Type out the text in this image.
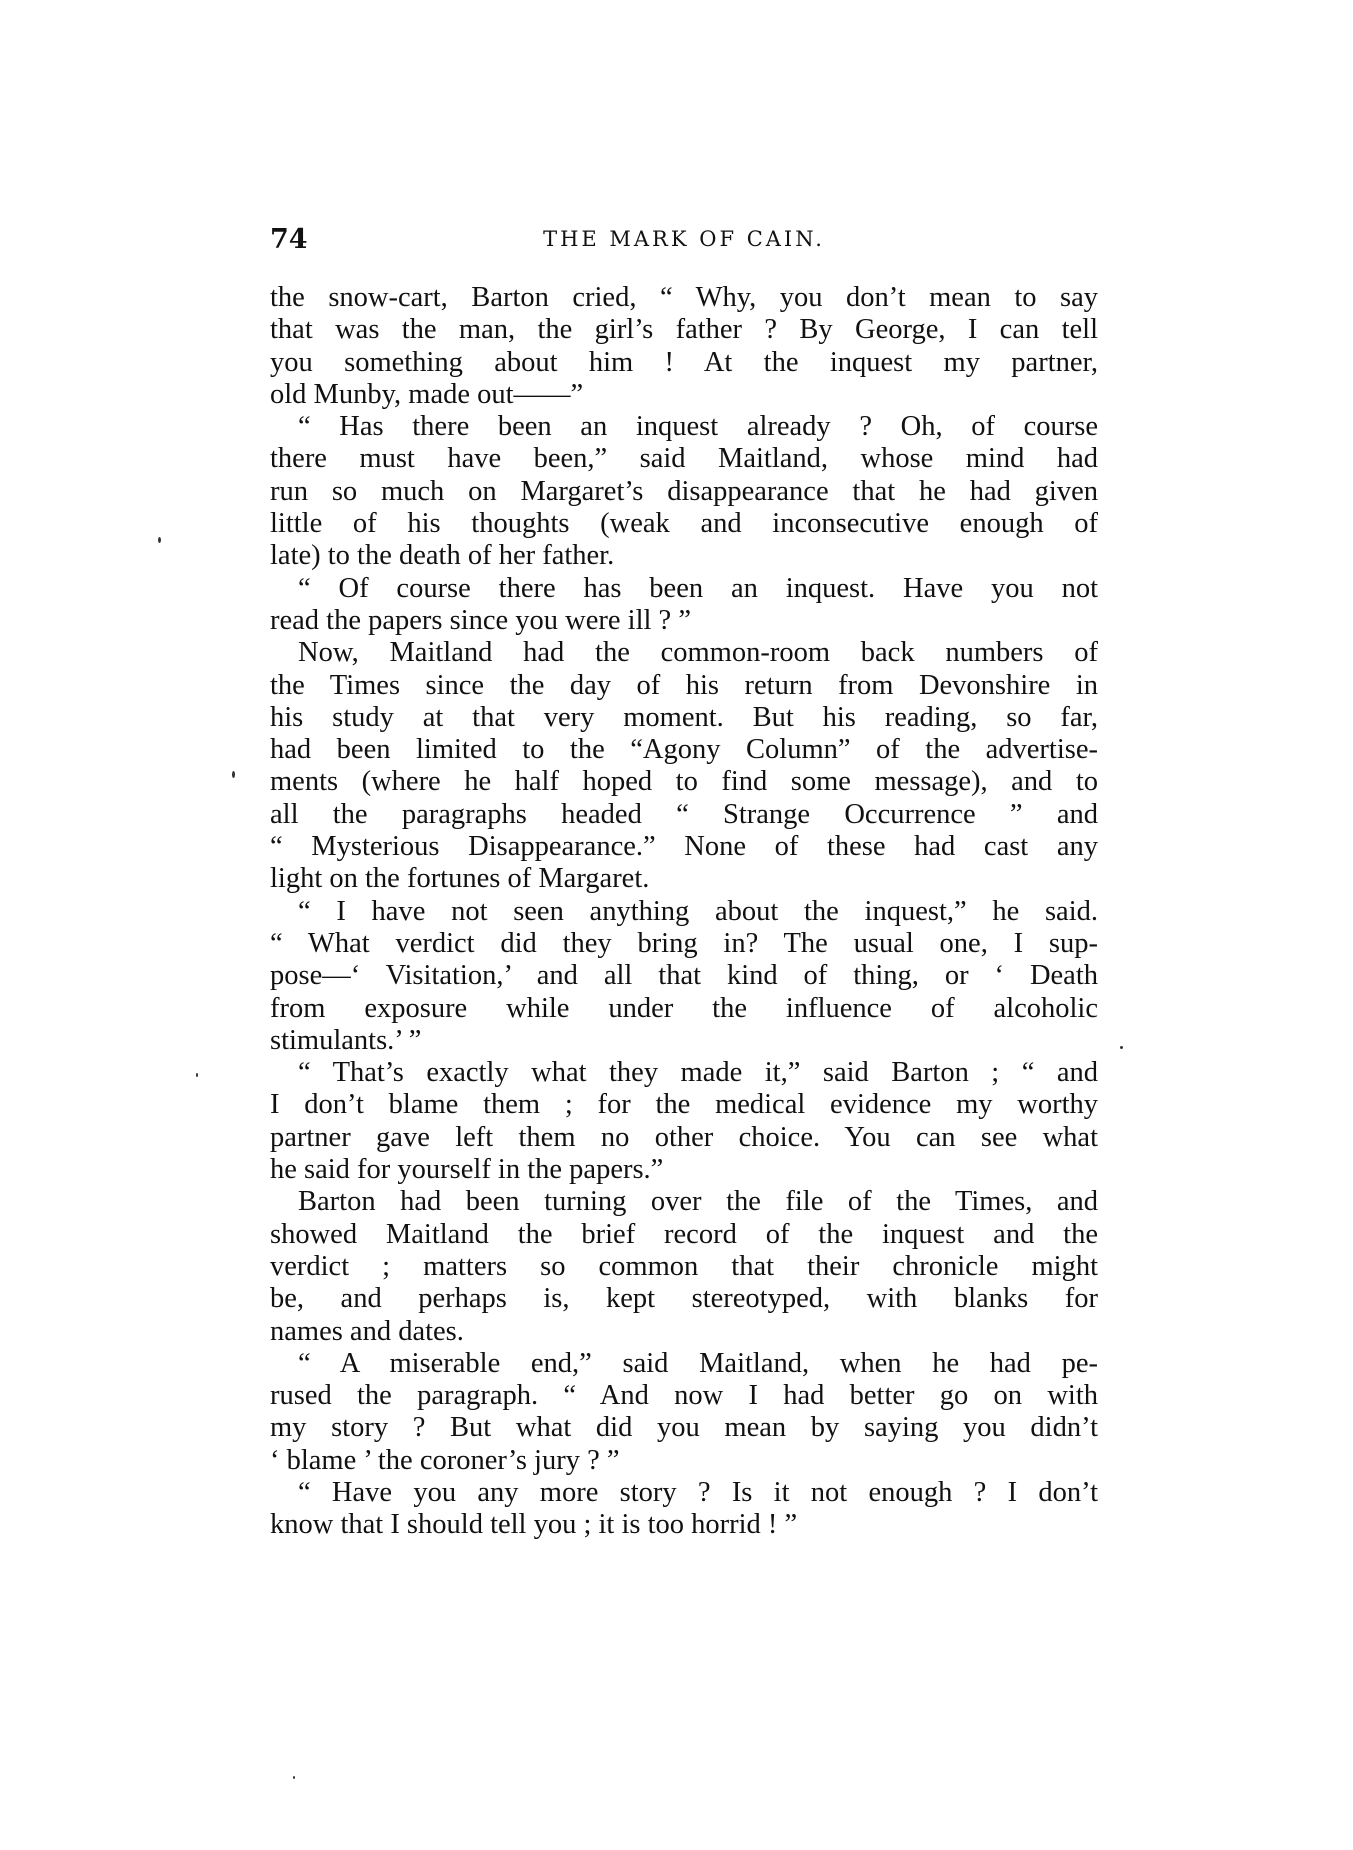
74	THE MARK OF CAIN.
the snow-cart, Barton cried, “ Why, you don’t mean to say
that was the man, the girl’s father ? By George, I can tell
you something about him ! At the inquest my partner,
old Munby, made out——”
“ Has there been an inquest already ? Oh, of course
there must have been,” said Maitland, whose mind had
run so much on Margaret’s disappearance that he had given
little of his thoughts (weak and inconsecutive enough of
late) to the death of her father.
“ Of course there has been an inquest. Have you not
read the papers since you were ill ? ”
Now, Maitland had the common-room back numbers of
the Times since the day of his return from Devonshire in
his study at that very moment. But his reading, so far,
had been limited to the “Agony Column” of the advertise-
ments (where he half hoped to find some message), and to
all the paragraphs headed “ Strange Occurrence ” and
“ Mysterious Disappearance.” None of these had cast any
light on the fortunes of Margaret.
“ I have not seen anything about the inquest,” he said.
“ What verdict did they bring in? The usual one, I sup-
pose—‘ Visitation,’ and all that kind of thing, or ‘ Death
from exposure while under the influence of alcoholic
stimulants.’ ”
“ That’s exactly what they made it,” said Barton ; “ and
I don’t blame them ; for the medical evidence my worthy
partner gave left them no other choice. You can see what
he said for yourself in the papers.”
Barton had been turning over the file of the Times, and
showed Maitland the brief record of the inquest and the
verdict ; matters so common that their chronicle might
be, and perhaps is, kept stereotyped, with blanks for
names and dates.
“ A miserable end,” said Maitland, when he had pe-
rused the paragraph. “ And now I had better go on with
my story ? But what did you mean by saying you didn’t
‘ blame ’ the coroner’s jury ? ”
“ Have you any more story ? Is it not enough ? I don’t
know that I should tell you ; it is too horrid ! ”
